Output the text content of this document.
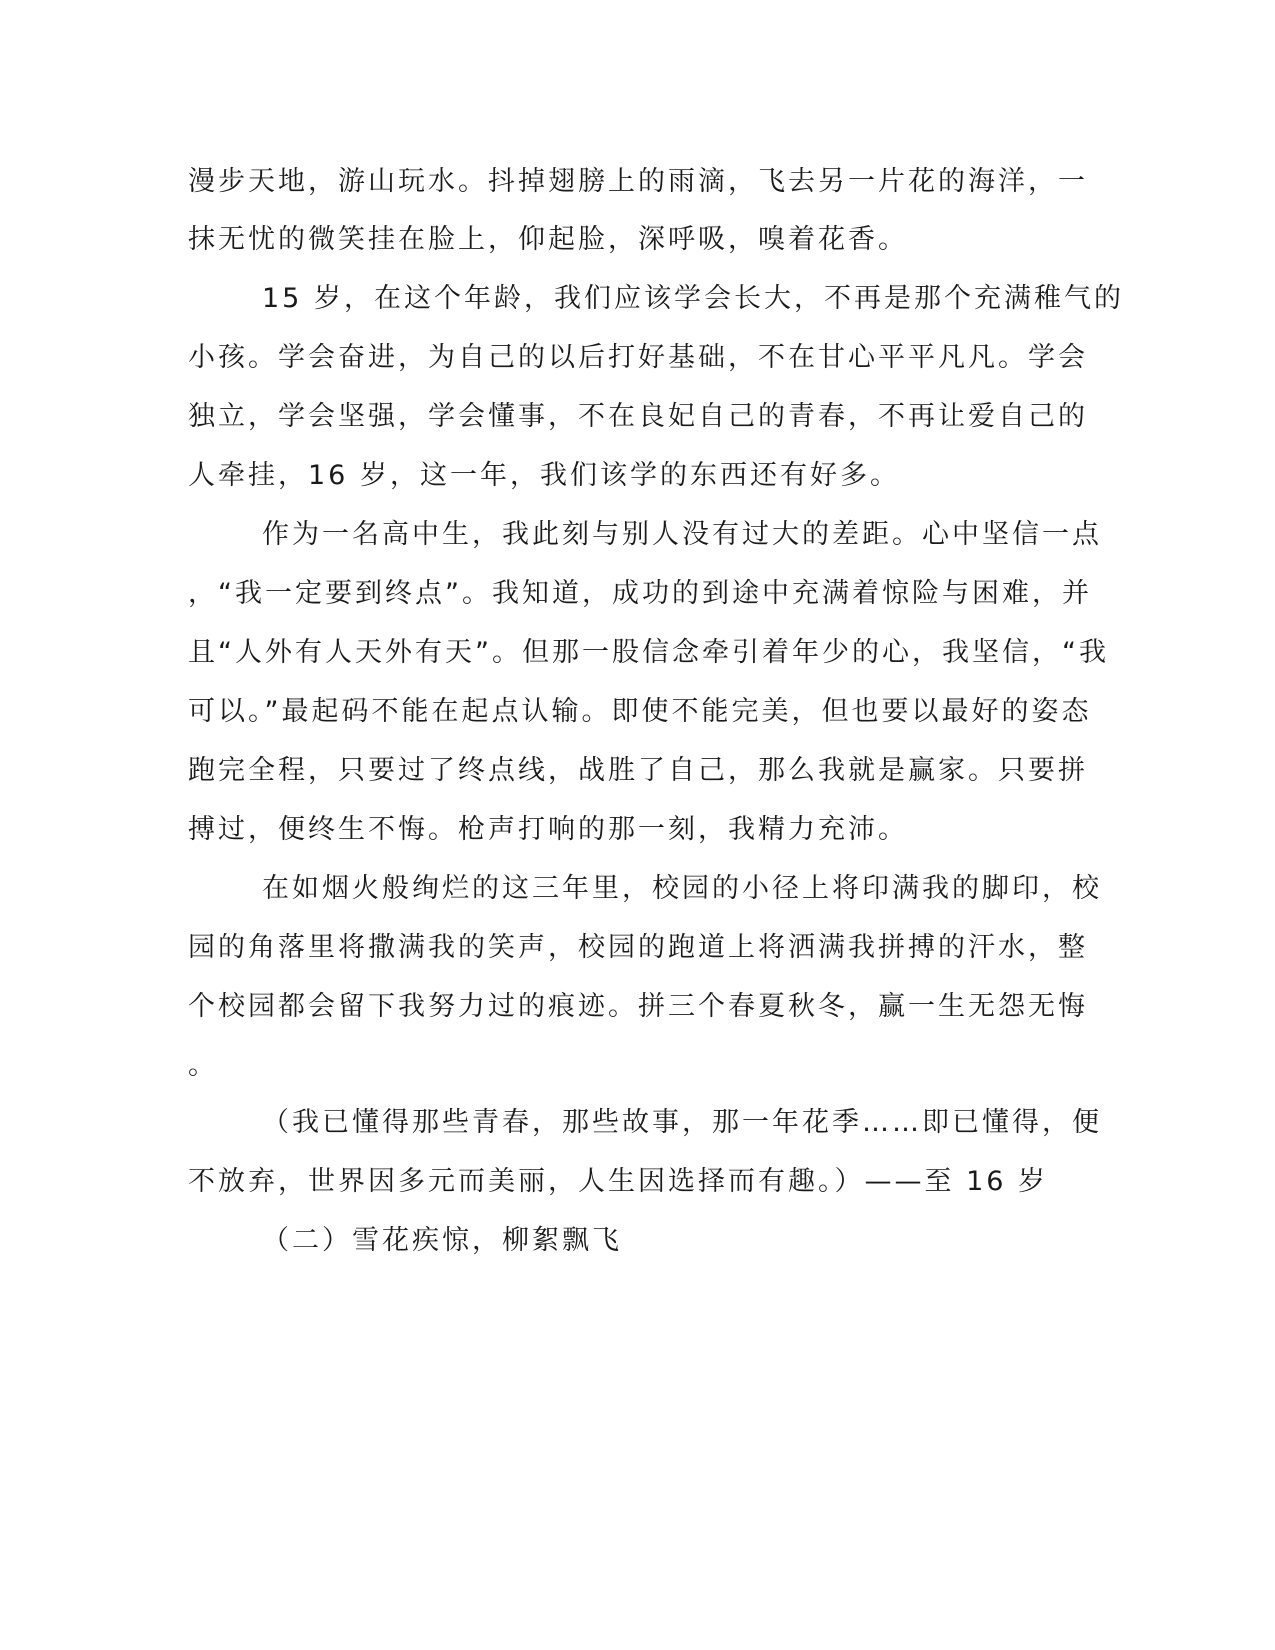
漫步天地，游山玩水。抖掉翅膀上的雨滴，飞去另一片花的海洋，一

抹无忧的微笑挂在脸上，仰起脸，深呼吸，嗅着花香。

15 岁，在这个年龄，我们应该学会长大，不再是那个充满稚气的

小孩。学会奋进，为自己的以后打好基础，不在甘心平平凡凡。学会

独立，学会坚强，学会懂事，不在良妃自己的青春，不再让爱自己的

人牵挂，16 岁，这一年，我们该学的东西还有好多。

作为一名高中生，我此刻与别人没有过大的差距。心中坚信一点

，“我一定要到终点”。我知道，成功的到途中充满着惊险与困难，并

且“人外有人天外有天”。但那一股信念牵引着年少的心，我坚信，“我

可以。”最起码不能在起点认输。即使不能完美，但也要以最好的姿态

跑完全程，只要过了终点线，战胜了自己，那么我就是赢家。只要拼

搏过，便终生不悔。枪声打响的那一刻，我精力充沛。

在如烟火般绚烂的这三年里，校园的小径上将印满我的脚印，校

园的角落里将撒满我的笑声，校园的跑道上将洒满我拼搏的汗水，整

个校园都会留下我努力过的痕迹。拼三个春夏秋冬，赢一生无怨无悔

。

（我已懂得那些青春，那些故事，那一年花季……即已懂得，便

不放弃，世界因多元而美丽，人生因选择而有趣。）——至 16 岁

（二）雪花疾惊，柳絮飘飞
